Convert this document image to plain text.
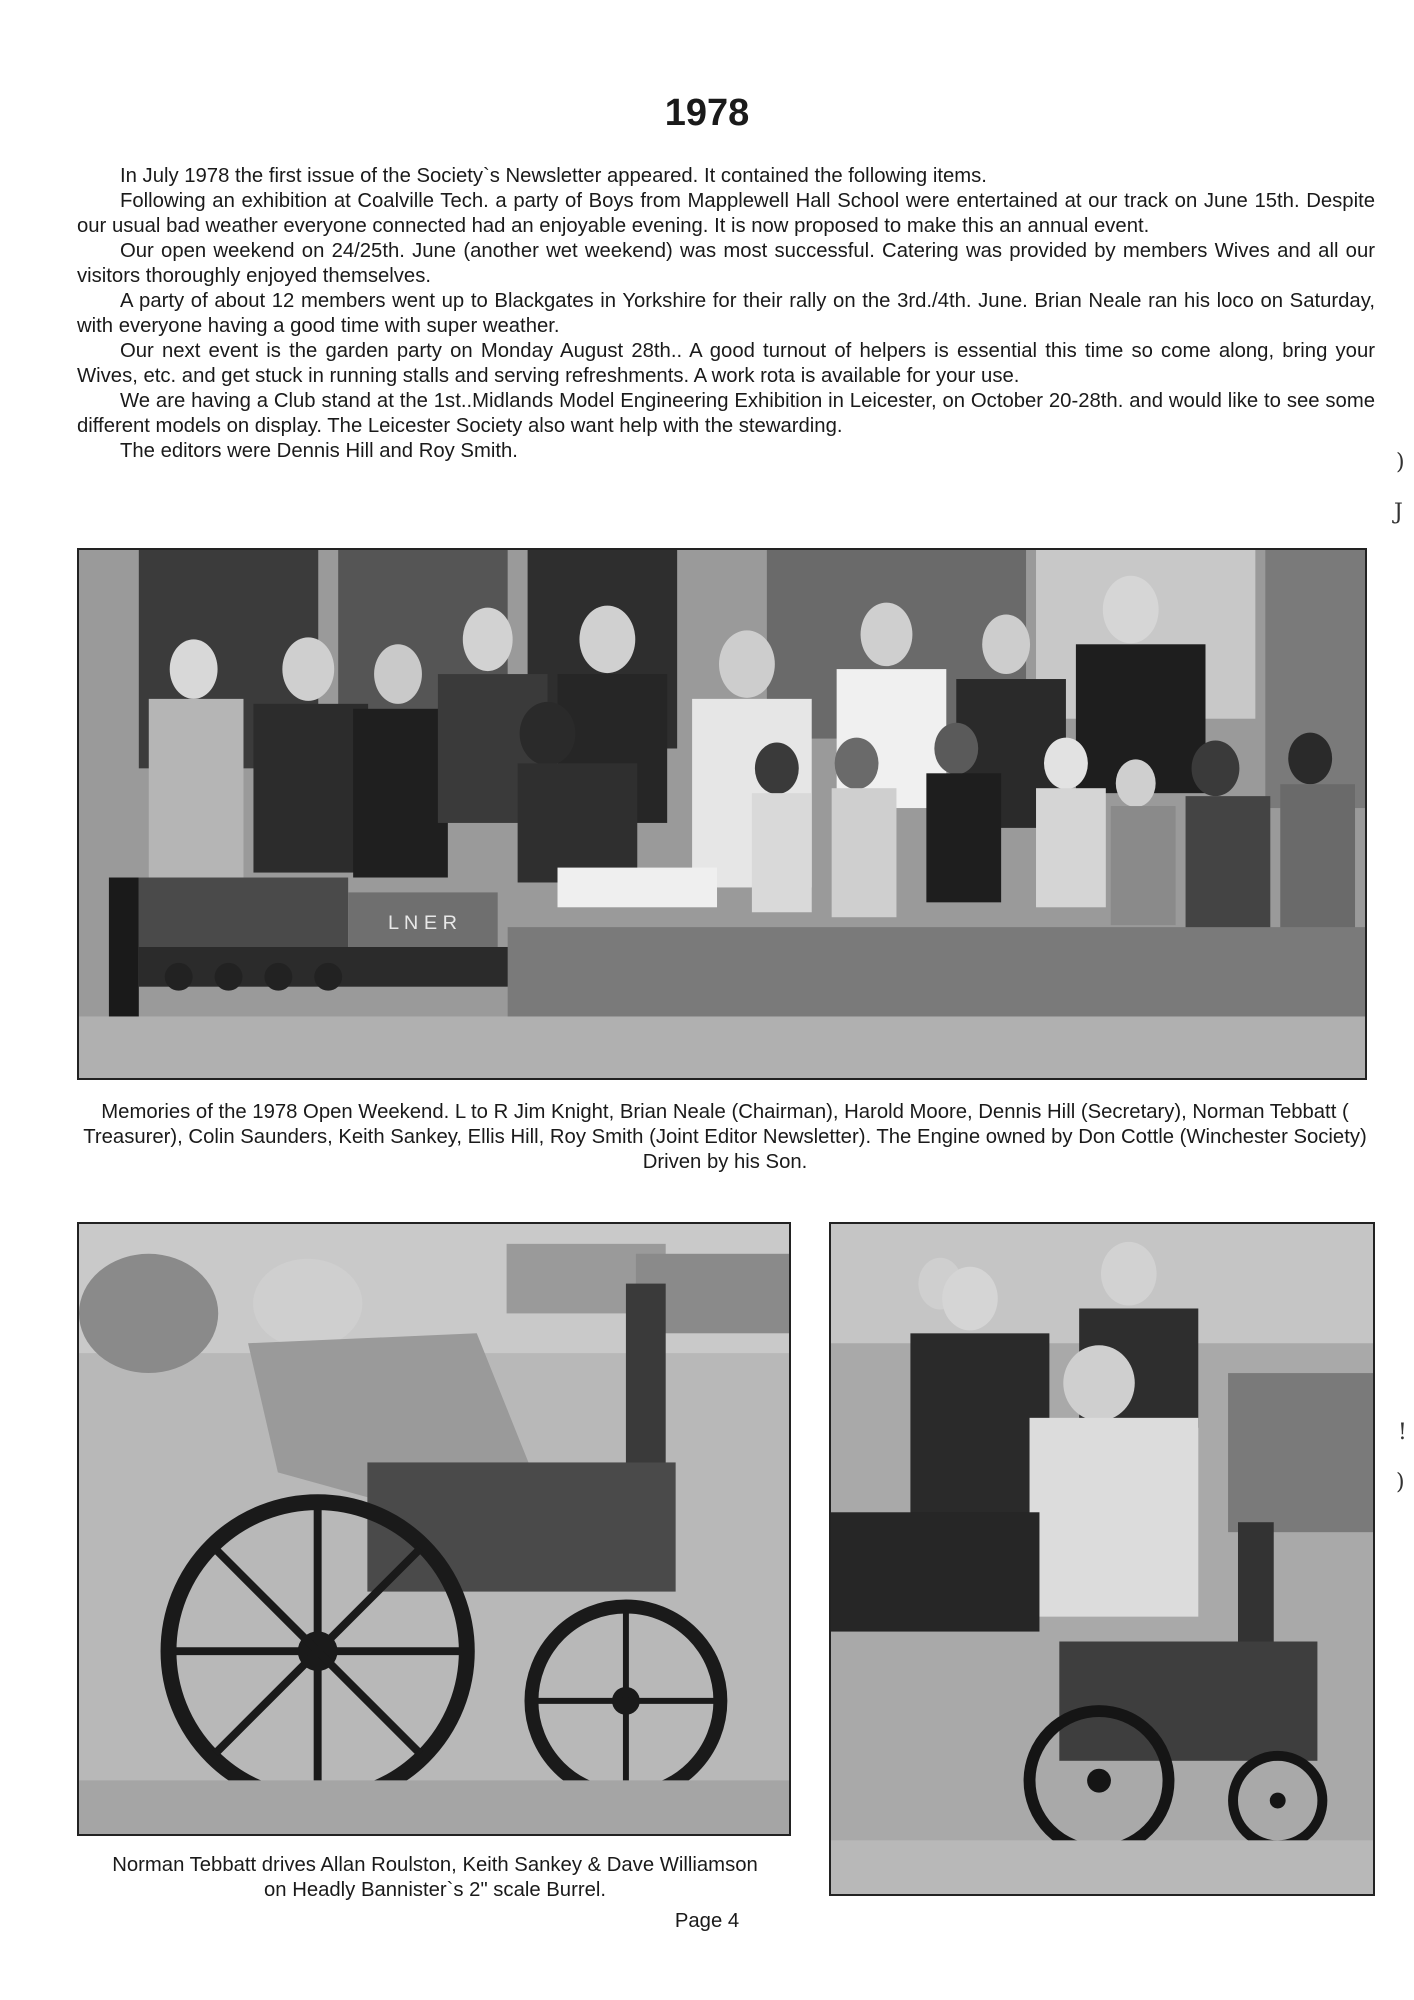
1978

In July 1978 the first issue of the Society`s Newsletter appeared. It contained the following items.

Following an exhibition at Coalville Tech. a party of Boys from Mapplewell Hall School were entertained at our track on June 15th. Despite our usual bad weather everyone connected had an enjoyable evening. It is now proposed to make this an annual event.

Our open weekend on 24/25th. June (another wet weekend) was most successful. Catering was provided by members Wives and all our visitors thoroughly enjoyed themselves.

A party of about 12 members went up to Blackgates in Yorkshire for their rally on the 3rd./4th. June. Brian Neale ran his loco on Saturday, with everyone having a good time with super weather.

Our next event is the garden party on Monday August 28th.. A good turnout of helpers is essential this time so come along, bring your Wives, etc. and get stuck in running stalls and serving refreshments. A work rota is available for your use.

We are having a Club stand at the 1st..Midlands Model Engineering Exhibition in Leicester, on October 20-28th. and would like to see some different models on display. The Leicester Society also want help with the stewarding.

The editors were Dennis Hill and Roy Smith.

L N E R

Memories of the 1978 Open Weekend. L to R Jim Knight, Brian Neale (Chairman), Harold Moore, Dennis Hill (Secretary), Norman Tebbatt ( Treasurer), Colin Saunders, Keith Sankey, Ellis Hill, Roy Smith (Joint Editor Newsletter). The Engine owned by Don Cottle (Winchester Society) Driven by his Son.

Norman Tebbatt drives Allan Roulston, Keith Sankey & Dave Williamson on Headly Bannister`s 2" scale Burrel.

Page 4

)
J
!
)
